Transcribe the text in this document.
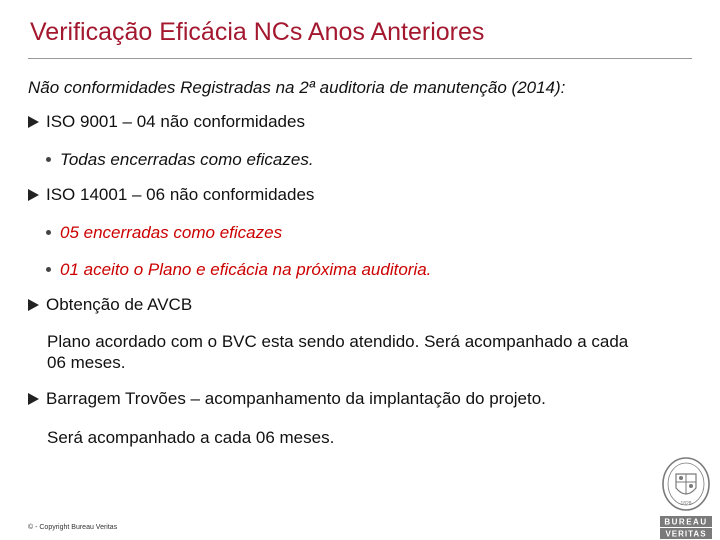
Verificação Eficácia NCs Anos Anteriores
Não conformidades Registradas na 2ª auditoria de manutenção (2014):
ISO 9001 – 04 não conformidades
Todas encerradas como eficazes.
ISO 14001 – 06 não conformidades
05 encerradas como eficazes
01 aceito o Plano e eficácia na próxima auditoria.
Obtenção de AVCB
Plano acordado com o BVC esta sendo atendido. Será acompanhado a cada 06 meses.
Barragem Trovões – acompanhamento da implantação do projeto.
Será acompanhado a cada 06 meses.
© - Copyright Bureau Veritas
1828
BUREAU
VERITAS
